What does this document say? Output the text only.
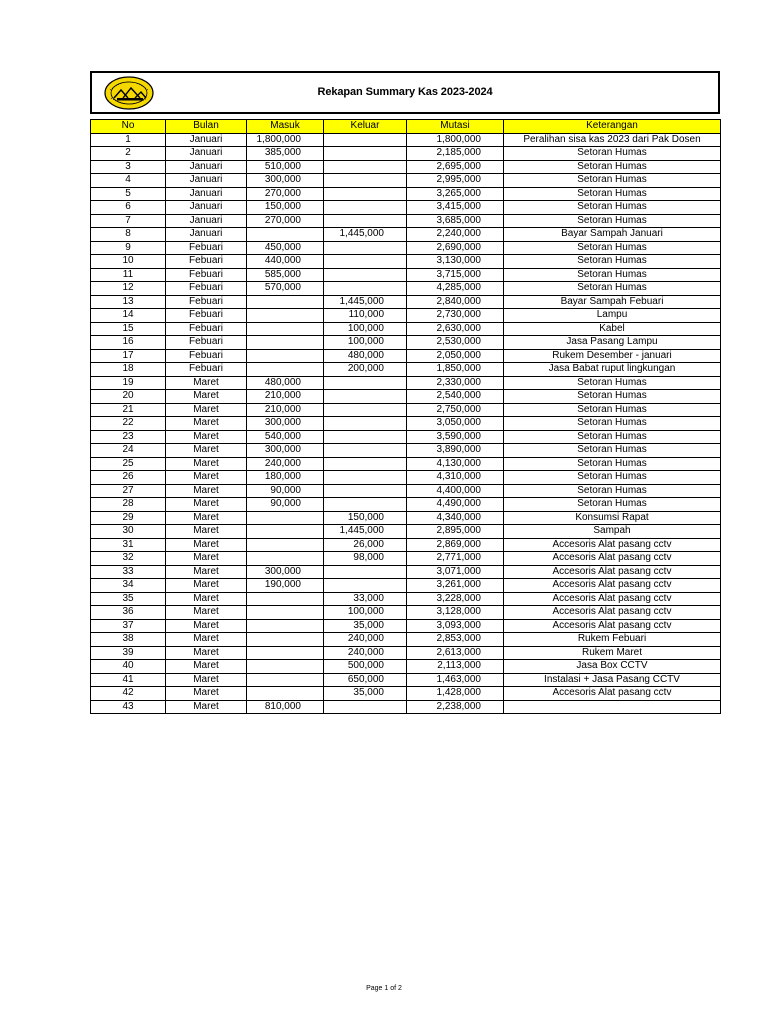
Rekapan Summary Kas 2023-2024
No	Bulan	Masuk	Keluar	Mutasi	Keterangan
1	Januari	1,800,000		1,800,000	Peralihan sisa kas 2023 dari Pak Dosen
2	Januari	385,000		2,185,000	Setoran Humas
3	Januari	510,000		2,695,000	Setoran Humas
4	Januari	300,000		2,995,000	Setoran Humas
5	Januari	270,000		3,265,000	Setoran Humas
6	Januari	150,000		3,415,000	Setoran Humas
7	Januari	270,000		3,685,000	Setoran Humas
8	Januari		1,445,000	2,240,000	Bayar Sampah Januari
9	Febuari	450,000		2,690,000	Setoran Humas
10	Febuari	440,000		3,130,000	Setoran Humas
11	Febuari	585,000		3,715,000	Setoran Humas
12	Febuari	570,000		4,285,000	Setoran Humas
13	Febuari		1,445,000	2,840,000	Bayar Sampah Febuari
14	Febuari		110,000	2,730,000	Lampu
15	Febuari		100,000	2,630,000	Kabel
16	Febuari		100,000	2,530,000	Jasa Pasang Lampu
17	Febuari		480,000	2,050,000	Rukem Desember - januari
18	Febuari		200,000	1,850,000	Jasa Babat ruput lingkungan
19	Maret	480,000		2,330,000	Setoran Humas
20	Maret	210,000		2,540,000	Setoran Humas
21	Maret	210,000		2,750,000	Setoran Humas
22	Maret	300,000		3,050,000	Setoran Humas
23	Maret	540,000		3,590,000	Setoran Humas
24	Maret	300,000		3,890,000	Setoran Humas
25	Maret	240,000		4,130,000	Setoran Humas
26	Maret	180,000		4,310,000	Setoran Humas
27	Maret	90,000		4,400,000	Setoran Humas
28	Maret	90,000		4,490,000	Setoran Humas
29	Maret		150,000	4,340,000	Konsumsi Rapat
30	Maret		1,445,000	2,895,000	Sampah
31	Maret		26,000	2,869,000	Accesoris Alat pasang cctv
32	Maret		98,000	2,771,000	Accesoris Alat pasang cctv
33	Maret	300,000		3,071,000	Accesoris Alat pasang cctv
34	Maret	190,000		3,261,000	Accesoris Alat pasang cctv
35	Maret		33,000	3,228,000	Accesoris Alat pasang cctv
36	Maret		100,000	3,128,000	Accesoris Alat pasang cctv
37	Maret		35,000	3,093,000	Accesoris Alat pasang cctv
38	Maret		240,000	2,853,000	Rukem Febuari
39	Maret		240,000	2,613,000	Rukem Maret
40	Maret		500,000	2,113,000	Jasa Box CCTV
41	Maret		650,000	1,463,000	Instalasi + Jasa Pasang CCTV
42	Maret		35,000	1,428,000	Accesoris Alat pasang cctv
43	Maret	810,000		2,238,000	
Page 1 of 2
